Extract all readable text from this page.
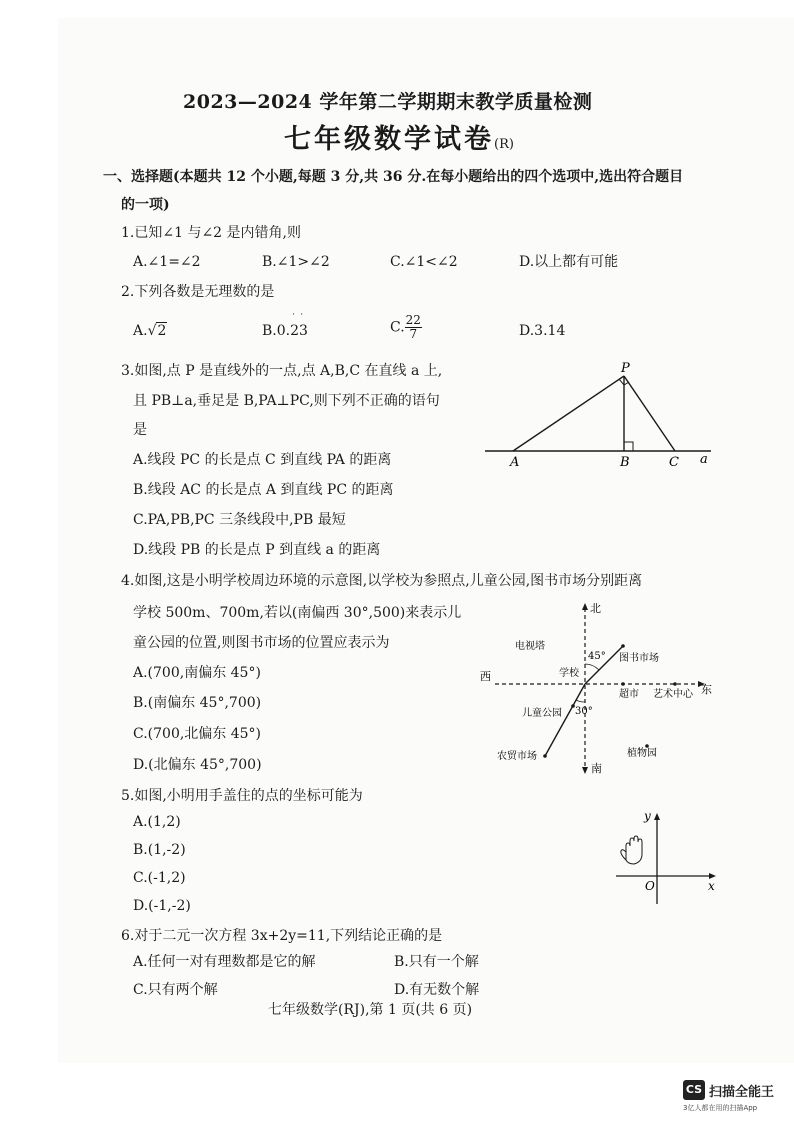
2023—2024 学年第二学期期末教学质量检测
七年级数学试卷(R)
一、选择题(本题共 12 个小题,每题 3 分,共 36 分.在每小题给出的四个选项中,选出符合题目
的一项)
1.已知∠1 与∠2 是内错角,则
A.∠1=∠2	B.∠1>∠2	C.∠1<∠2	D.以上都有可能
2.下列各数是无理数的是
A.√2	B.0.23
˙ ˙
C. $\frac{22}{7}$	D.3.14
3.如图,点 P 是直线外的一点,点 A,B,C 在直线 a 上,
且 PB⊥a,垂足是 B,PA⊥PC,则下列不正确的语句
是
A.线段 PC 的长是点 C 到直线 PA 的距离
B.线段 AC 的长是点 A 到直线 PC 的距离
C.PA,PB,PC 三条线段中,PB 最短
D.线段 PB 的长是点 P 到直线 a 的距离
P
A	B	C a
4.如图,这是小明学校周边环境的示意图,以学校为参照点,儿童公园,图书市场分别距离
学校 500m、700m,若以(南偏西 30°,500)来表示儿
童公园的位置,则图书市场的位置应表示为
A.(700,南偏东 45°)
B.(南偏东 45°,700)
C.(700,北偏东 45°)
D.(北偏东 45°,700)
北
南
西
东
电视塔
学校
图书市场
超市 艺术中心
儿童公园
农贸市场	植物园
45°
30°
5.如图,小明用手盖住的点的坐标可能为
A.(1,2)
B.(1,-2)
C.(-1,2)
D.(-1,-2)
y
x
O
6.对于二元一次方程 3x+2y=11,下列结论正确的是
A.任何一对有理数都是它的解	B.只有一个解
C.只有两个解	D.有无数个解
七年级数学(RJ),第 1 页(共 6 页)
CS 扫描全能王
3亿人都在用的扫描App
